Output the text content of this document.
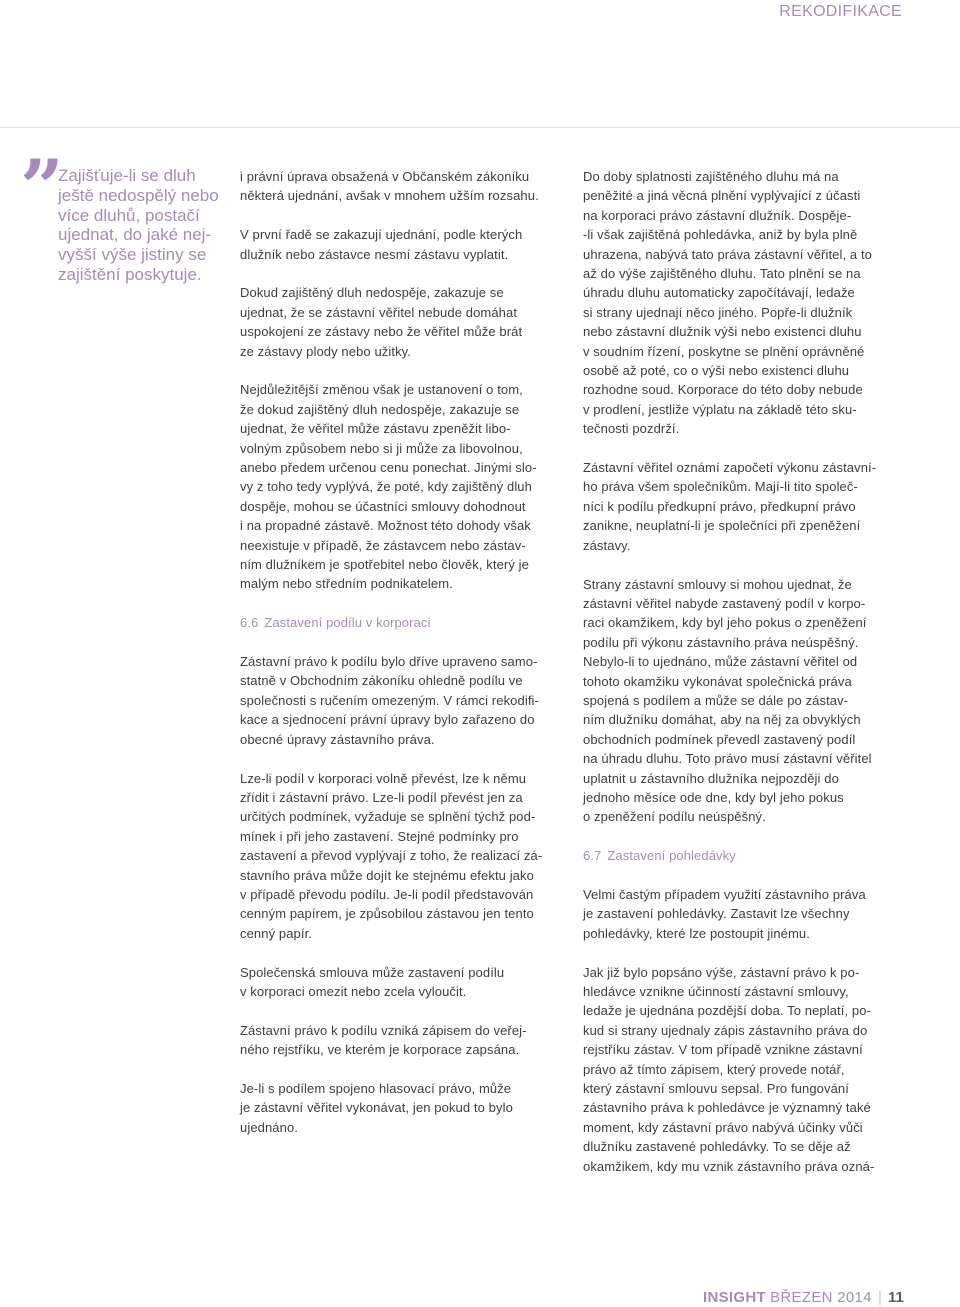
REKODIFIKACE
”

Zajišťuje-li se dluh
ještě nedospělý nebo
více dluhů, postačí
ujednat, do jaké nej-
vyšší výše jistiny se
zajištění poskytuje.

i právní úprava obsažená v Občanském zákoníku
některá ujednání, avšak v mnohem užším rozsahu.

V první řadě se zakazují ujednání, podle kterých
dlužník nebo zástavce nesmí zástavu vyplatit.

Dokud zajištěný dluh nedospěje, zakazuje se
ujednat, že se zástavní věřitel nebude domáhat
uspokojení ze zástavy nebo že věřitel může brát
ze zástavy plody nebo užitky.

Nejdůležitější změnou však je ustanovení o tom,
že dokud zajištěný dluh nedospěje, zakazuje se
ujednat, že věřitel může zástavu zpeněžit libo-
volným způsobem nebo si ji může za libovolnou,
anebo předem určenou cenu ponechat. Jinými slo-
vy z toho tedy vyplývá, že poté, kdy zajištěný dluh
dospěje, mohou se účastníci smlouvy dohodnout
i na propadné zástavě. Možnost této dohody však
neexistuje v případě, že zástavcem nebo zástav-
ním dlužníkem je spotřebitel nebo člověk, který je
malým nebo středním podnikatelem.

6.6 Zastavení podílu v korporaci

Zástavní právo k podílu bylo dříve upraveno samo-
statně v Obchodním zákoníku ohledně podílu ve
společnosti s ručením omezeným. V rámci rekodifi-
kace a sjednocení právní úpravy bylo zařazeno do
obecné úpravy zástavního práva.

Lze-li podíl v korporaci volně převést, lze k němu
zřídit i zástavní právo. Lze-li podíl převést jen za
určitých podmínek, vyžaduje se splnění týchž pod-
mínek i při jeho zastavení. Stejné podmínky pro
zastavení a převod vyplývají z toho, že realizací zá-
stavního práva může dojít ke stejnému efektu jako
v případě převodu podílu. Je-li podíl představován
cenným papírem, je způsobilou zástavou jen tento
cenný papír.

Společenská smlouva může zastavení podílu
v korporaci omezit nebo zcela vyloučit.

Zástavní právo k podílu vzniká zápisem do veřej-
ného rejstříku, ve kterém je korporace zapsána.

Je-li s podílem spojeno hlasovací právo, může
je zástavní věřitel vykonávat, jen pokud to bylo
ujednáno.

Do doby splatnosti zajištěného dluhu má na
peněžité a jiná věcná plnění vyplývající z účasti
na korporaci právo zástavní dlužník. Dospěje-
-li však zajištěná pohledávka, aniž by byla plně
uhrazena, nabývá tato práva zástavní věřitel, a to
až do výše zajištěného dluhu. Tato plnění se na
úhradu dluhu automaticky započítávají, ledaže
si strany ujednají něco jiného. Popře-li dlužník
nebo zástavní dlužník výši nebo existenci dluhu
v soudním řízení, poskytne se plnění oprávněné
osobě až poté, co o výši nebo existenci dluhu
rozhodne soud. Korporace do této doby nebude
v prodlení, jestliže výplatu na základě této sku-
tečnosti pozdrží.

Zástavní věřitel oznámí započetí výkonu zástavní-
ho práva všem společníkům. Mají-li tito společ-
níci k podílu předkupní právo, předkupní právo
zanikne, neuplatní-li je společníci při zpeněžení
zástavy.

Strany zástavní smlouvy si mohou ujednat, že
zástavní věřitel nabyde zastavený podíl v korpo-
raci okamžikem, kdy byl jeho pokus o zpeněžení
podílu při výkonu zástavního práva neúspěšný.
Nebylo-li to ujednáno, může zástavní věřitel od
tohoto okamžiku vykonávat společnická práva
spojená s podílem a může se dále po zástav-
ním dlužníku domáhat, aby na něj za obvyklých
obchodních podmínek převedl zastavený podíl
na úhradu dluhu. Toto právo musí zástavní věřitel
uplatnit u zástavního dlužníka nejpozději do
jednoho měsíce ode dne, kdy byl jeho pokus
o zpeněžení podílu neúspěšný.

6.7 Zastavení pohledávky

Velmi častým případem využití zástavního práva
je zastavení pohledávky. Zastavit lze všechny
pohledávky, které lze postoupit jinému.

Jak již bylo popsáno výše, zástavní právo k po-
hledávce vznikne účinností zástavní smlouvy,
ledaže je ujednána pozdější doba. To neplatí, po-
kud si strany ujednaly zápis zástavního práva do
rejstříku zástav. V tom případě vznikne zástavní
právo až tímto zápisem, který provede notář,
který zástavní smlouvu sepsal. Pro fungování
zástavního práva k pohledávce je významný také
moment, kdy zástavní právo nabývá účinky vůči
dlužníku zastavené pohledávky. To se děje až
okamžikem, kdy mu vznik zástavního práva ozná-

INSIGHT BŘEZEN 2014 | 11
